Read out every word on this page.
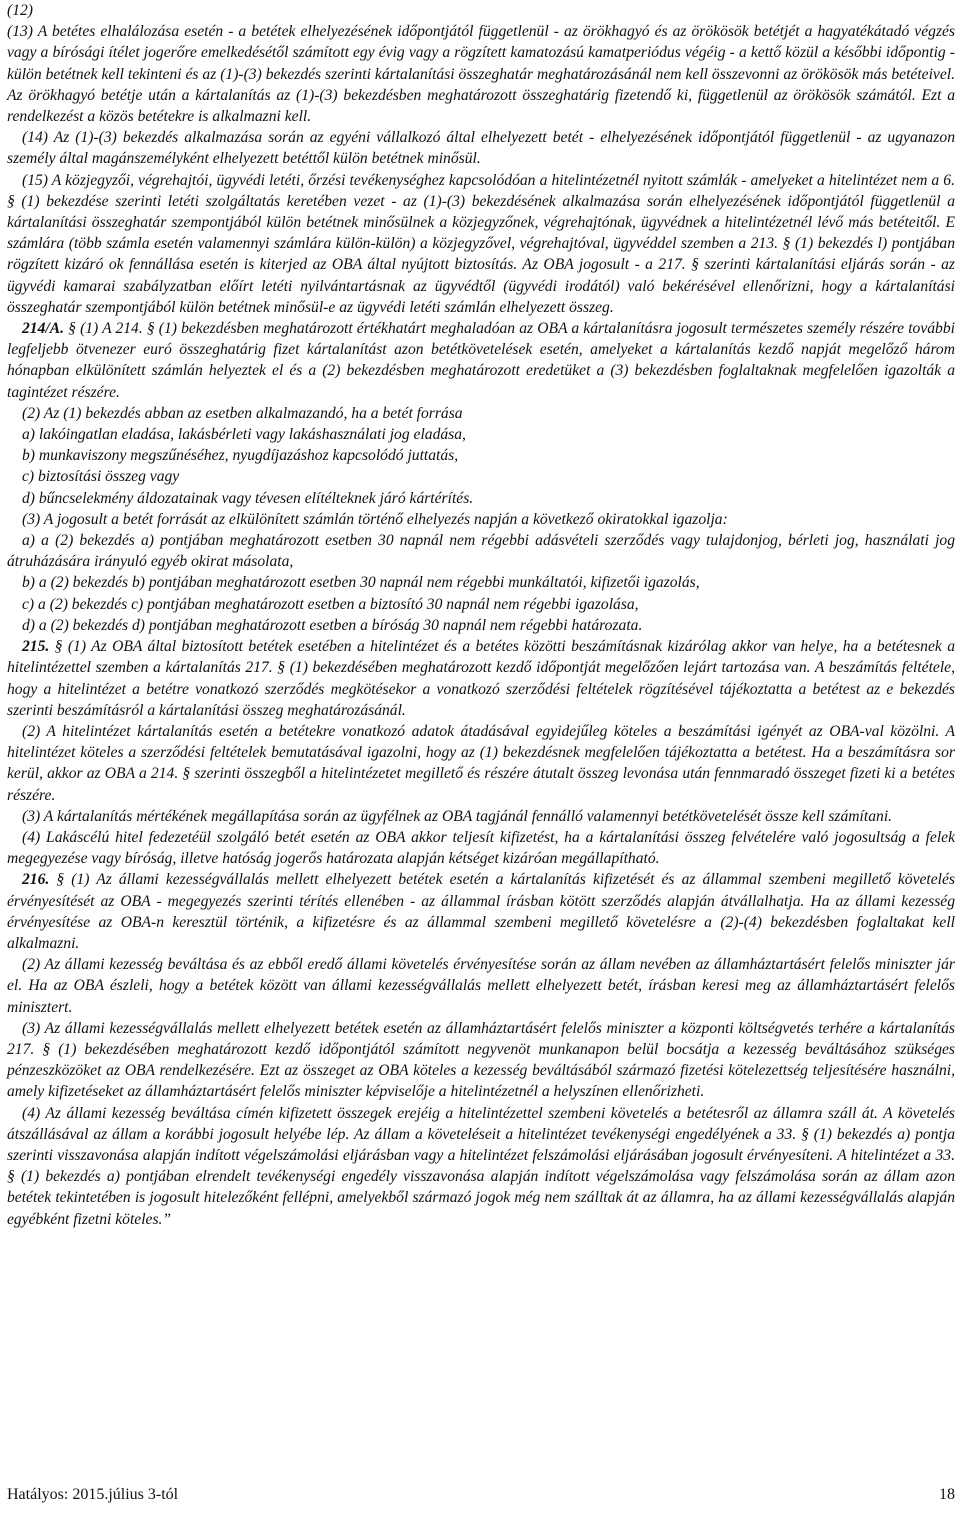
(12)

(13) A betétes elhalálozása esetén - a betétek elhelyezésének időpontjától függetlenül - az örökhagyó és az örökösök betétjét a hagyatékátadó végzés vagy a bírósági ítélet jogerőre emelkedésétől számított egy évig vagy a rögzített kamatozású kamatperiódus végéig - a kettő közül a későbbi időpontig - külön betétnek kell tekinteni és az (1)-(3) bekezdés szerinti kártalanítási összeghatár meghatározásánál nem kell összevonni az örökösök más betéteivel. Az örökhagyó betétje után a kártalanítás az (1)-(3) bekezdésben meghatározott összeghatárig fizetendő ki, függetlenül az örökösök számától. Ezt a rendelkezést a közös betétekre is alkalmazni kell.

(14) Az (1)-(3) bekezdés alkalmazása során az egyéni vállalkozó által elhelyezett betét - elhelyezésének időpontjától függetlenül - az ugyanazon személy által magánszemélyként elhelyezett betéttől külön betétnek minősül.

(15) A közjegyzői, végrehajtói, ügyvédi letéti, őrzési tevékenységhez kapcsolódóan a hitelintézetnél nyitott számlák - amelyeket a hitelintézet nem a 6. § (1) bekezdése szerinti letéti szolgáltatás keretében vezet - az (1)-(3) bekezdésének alkalmazása során elhelyezésének időpontjától függetlenül a kártalanítási összeghatár szempontjából külön betétnek minősülnek a közjegyzőnek, végrehajtónak, ügyvédnek a hitelintézetnél lévő más betéteitől. E számlára (több számla esetén valamennyi számlára külön-külön) a közjegyzővel, végrehajtóval, ügyvéddel szemben a 213. § (1) bekezdés l) pontjában rögzített kizáró ok fennállása esetén is kiterjed az OBA által nyújtott biztosítás. Az OBA jogosult - a 217. § szerinti kártalanítási eljárás során - az ügyvédi kamarai szabályzatban előírt letéti nyilvántartásnak az ügyvédtől (ügyvédi irodától) való bekérésével ellenőrizni, hogy a kártalanítási összeghatár szempontjából külön betétnek minősül-e az ügyvédi letéti számlán elhelyezett összeg.

214/A. § (1) A 214. § (1) bekezdésben meghatározott értékhatárt meghaladóan az OBA a kártalanításra jogosult természetes személy részére további legfeljebb ötvenezer euró összeghatárig fizet kártalanítást azon betétkövetelések esetén, amelyeket a kártalanítás kezdő napját megelőző három hónapban elkülönített számlán helyeztek el és a (2) bekezdésben meghatározott eredetüket a (3) bekezdésben foglaltaknak megfelelően igazolták a tagintézet részére.

(2) Az (1) bekezdés abban az esetben alkalmazandó, ha a betét forrása

a) lakóingatlan eladása, lakásbérleti vagy lakáshasználati jog eladása,

b) munkaviszony megszűnéséhez, nyugdíjazáshoz kapcsolódó juttatás,

c) biztosítási összeg vagy

d) bűncselekmény áldozatainak vagy tévesen elítélteknek járó kártérítés.

(3) A jogosult a betét forrását az elkülönített számlán történő elhelyezés napján a következő okiratokkal igazolja:

a) a (2) bekezdés a) pontjában meghatározott esetben 30 napnál nem régebbi adásvételi szerződés vagy tulajdonjog, bérleti jog, használati jog átruházására irányuló egyéb okirat másolata,

b) a (2) bekezdés b) pontjában meghatározott esetben 30 napnál nem régebbi munkáltatói, kifizetői igazolás,

c) a (2) bekezdés c) pontjában meghatározott esetben a biztosító 30 napnál nem régebbi igazolása,

d) a (2) bekezdés d) pontjában meghatározott esetben a bíróság 30 napnál nem régebbi határozata.

215. § (1) Az OBA által biztosított betétek esetében a hitelintézet és a betétes közötti beszámításnak kizárólag akkor van helye, ha a betétesnek a hitelintézettel szemben a kártalanítás 217. § (1) bekezdésében meghatározott kezdő időpontját megelőzően lejárt tartozása van. A beszámítás feltétele, hogy a hitelintézet a betétre vonatkozó szerződés megkötésekor a vonatkozó szerződési feltételek rögzítésével tájékoztatta a betétest az e bekezdés szerinti beszámításról a kártalanítási összeg meghatározásánál.

(2) A hitelintézet kártalanítás esetén a betétekre vonatkozó adatok átadásával egyidejűleg köteles a beszámítási igényét az OBA-val közölni. A hitelintézet köteles a szerződési feltételek bemutatásával igazolni, hogy az (1) bekezdésnek megfelelően tájékoztatta a betétest. Ha a beszámításra sor kerül, akkor az OBA a 214. § szerinti összegből a hitelintézetet megillető és részére átutalt összeg levonása után fennmaradó összeget fizeti ki a betétes részére.

(3) A kártalanítás mértékének megállapítása során az ügyfélnek az OBA tagjánál fennálló valamennyi betétkövetelését össze kell számítani.

(4) Lakáscélú hitel fedezetéül szolgáló betét esetén az OBA akkor teljesít kifizetést, ha a kártalanítási összeg felvételére való jogosultság a felek megegyezése vagy bíróság, illetve hatóság jogerős határozata alapján kétséget kizáróan megállapítható.

216. § (1) Az állami kezességvállalás mellett elhelyezett betétek esetén a kártalanítás kifizetését és az állammal szembeni megillető követelés érvényesítését az OBA - megegyezés szerinti térítés ellenében - az állammal írásban kötött szerződés alapján átvállalhatja. Ha az állami kezesség érvényesítése az OBA-n keresztül történik, a kifizetésre és az állammal szembeni megillető követelésre a (2)-(4) bekezdésben foglaltakat kell alkalmazni.

(2) Az állami kezesség beváltása és az ebből eredő állami követelés érvényesítése során az állam nevében az államháztartásért felelős miniszter jár el. Ha az OBA észleli, hogy a betétek között van állami kezességvállalás mellett elhelyezett betét, írásban keresi meg az államháztartásért felelős minisztert.

(3) Az állami kezességvállalás mellett elhelyezett betétek esetén az államháztartásért felelős miniszter a központi költségvetés terhére a kártalanítás 217. § (1) bekezdésében meghatározott kezdő időpontjától számított negyvenöt munkanapon belül bocsátja a kezesség beváltásához szükséges pénzeszközöket az OBA rendelkezésére. Ezt az összeget az OBA köteles a kezesség beváltásából származó fizetési kötelezettség teljesítésére használni, amely kifizetéseket az államháztartásért felelős miniszter képviselője a hitelintézetnél a helyszínen ellenőrizheti.

(4) Az állami kezesség beváltása címén kifizetett összegek erejéig a hitelintézettel szembeni követelés a betétesről az államra száll át. A követelés átszállásával az állam a korábbi jogosult helyébe lép. Az állam a követeléseit a hitelintézet tevékenységi engedélyének a 33. § (1) bekezdés a) pontja szerinti visszavonása alapján indított végelszámolási eljárásban vagy a hitelintézet felszámolási eljárásában jogosult érvényesíteni. A hitelintézet a 33. § (1) bekezdés a) pontjában elrendelt tevékenységi engedély visszavonása alapján indított végelszámolása vagy felszámolása során az állam azon betétek tekintetében is jogosult hitelezőként fellépni, amelyekből származó jogok még nem szálltak át az államra, ha az állami kezességvállalás alapján egyébként fizetni köteles.”

Hatályos: 2015.július 3-tól	18
